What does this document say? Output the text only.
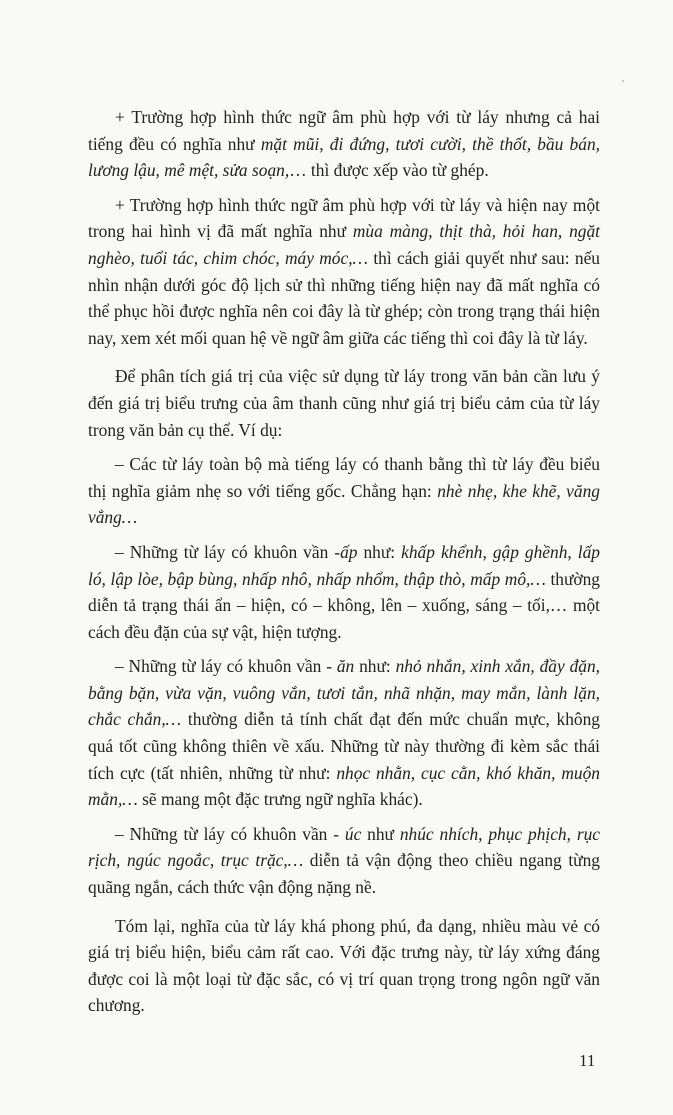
+ Trường hợp hình thức ngữ âm phù hợp với từ láy nhưng cả hai tiếng đều có nghĩa như mặt mũi, đi đứng, tươi cười, thề thốt, bầu bán, lương lậu, mê mệt, sửa soạn,… thì được xếp vào từ ghép.

+ Trường hợp hình thức ngữ âm phù hợp với từ láy và hiện nay một trong hai hình vị đã mất nghĩa như mùa màng, thịt thà, hỏi han, ngặt nghèo, tuổi tác, chim chóc, máy móc,… thì cách giải quyết như sau: nếu nhìn nhận dưới góc độ lịch sử thì những tiếng hiện nay đã mất nghĩa có thể phục hồi được nghĩa nên coi đây là từ ghép; còn trong trạng thái hiện nay, xem xét mối quan hệ về ngữ âm giữa các tiếng thì coi đây là từ láy.

Để phân tích giá trị của việc sử dụng từ láy trong văn bản cần lưu ý đến giá trị biểu trưng của âm thanh cũng như giá trị biểu cảm của từ láy trong văn bản cụ thể. Ví dụ:

– Các từ láy toàn bộ mà tiếng láy có thanh bằng thì từ láy đều biểu thị nghĩa giảm nhẹ so với tiếng gốc. Chẳng hạn: nhè nhẹ, khe khẽ, văng vẳng…

– Những từ láy có khuôn vần -ấp như: khấp khểnh, gập ghềnh, lấp ló, lập lòe, bập bùng, nhấp nhô, nhấp nhổm, thập thò, mấp mô,… thường diễn tả trạng thái ẩn – hiện, có – không, lên – xuống, sáng – tối,… một cách đều đặn của sự vật, hiện tượng.

– Những từ láy có khuôn vần - ăn như: nhỏ nhắn, xinh xắn, đầy đặn, bằng bặn, vừa vặn, vuông vắn, tươi tắn, nhã nhặn, may mắn, lành lặn, chắc chắn,… thường diễn tả tính chất đạt đến mức chuẩn mực, không quá tốt cũng không thiên về xấu. Những từ này thường đi kèm sắc thái tích cực (tất nhiên, những từ như: nhọc nhằn, cục cằn, khó khăn, muộn mằn,… sẽ mang một đặc trưng ngữ nghĩa khác).

– Những từ láy có khuôn vần - úc như nhúc nhích, phục phịch, rục rịch, ngúc ngoắc, trục trặc,… diễn tả vận động theo chiều ngang từng quãng ngắn, cách thức vận động nặng nề.

Tóm lại, nghĩa của từ láy khá phong phú, đa dạng, nhiều màu vẻ có giá trị biểu hiện, biểu cảm rất cao. Với đặc trưng này, từ láy xứng đáng được coi là một loại từ đặc sắc, có vị trí quan trọng trong ngôn ngữ văn chương.

11
